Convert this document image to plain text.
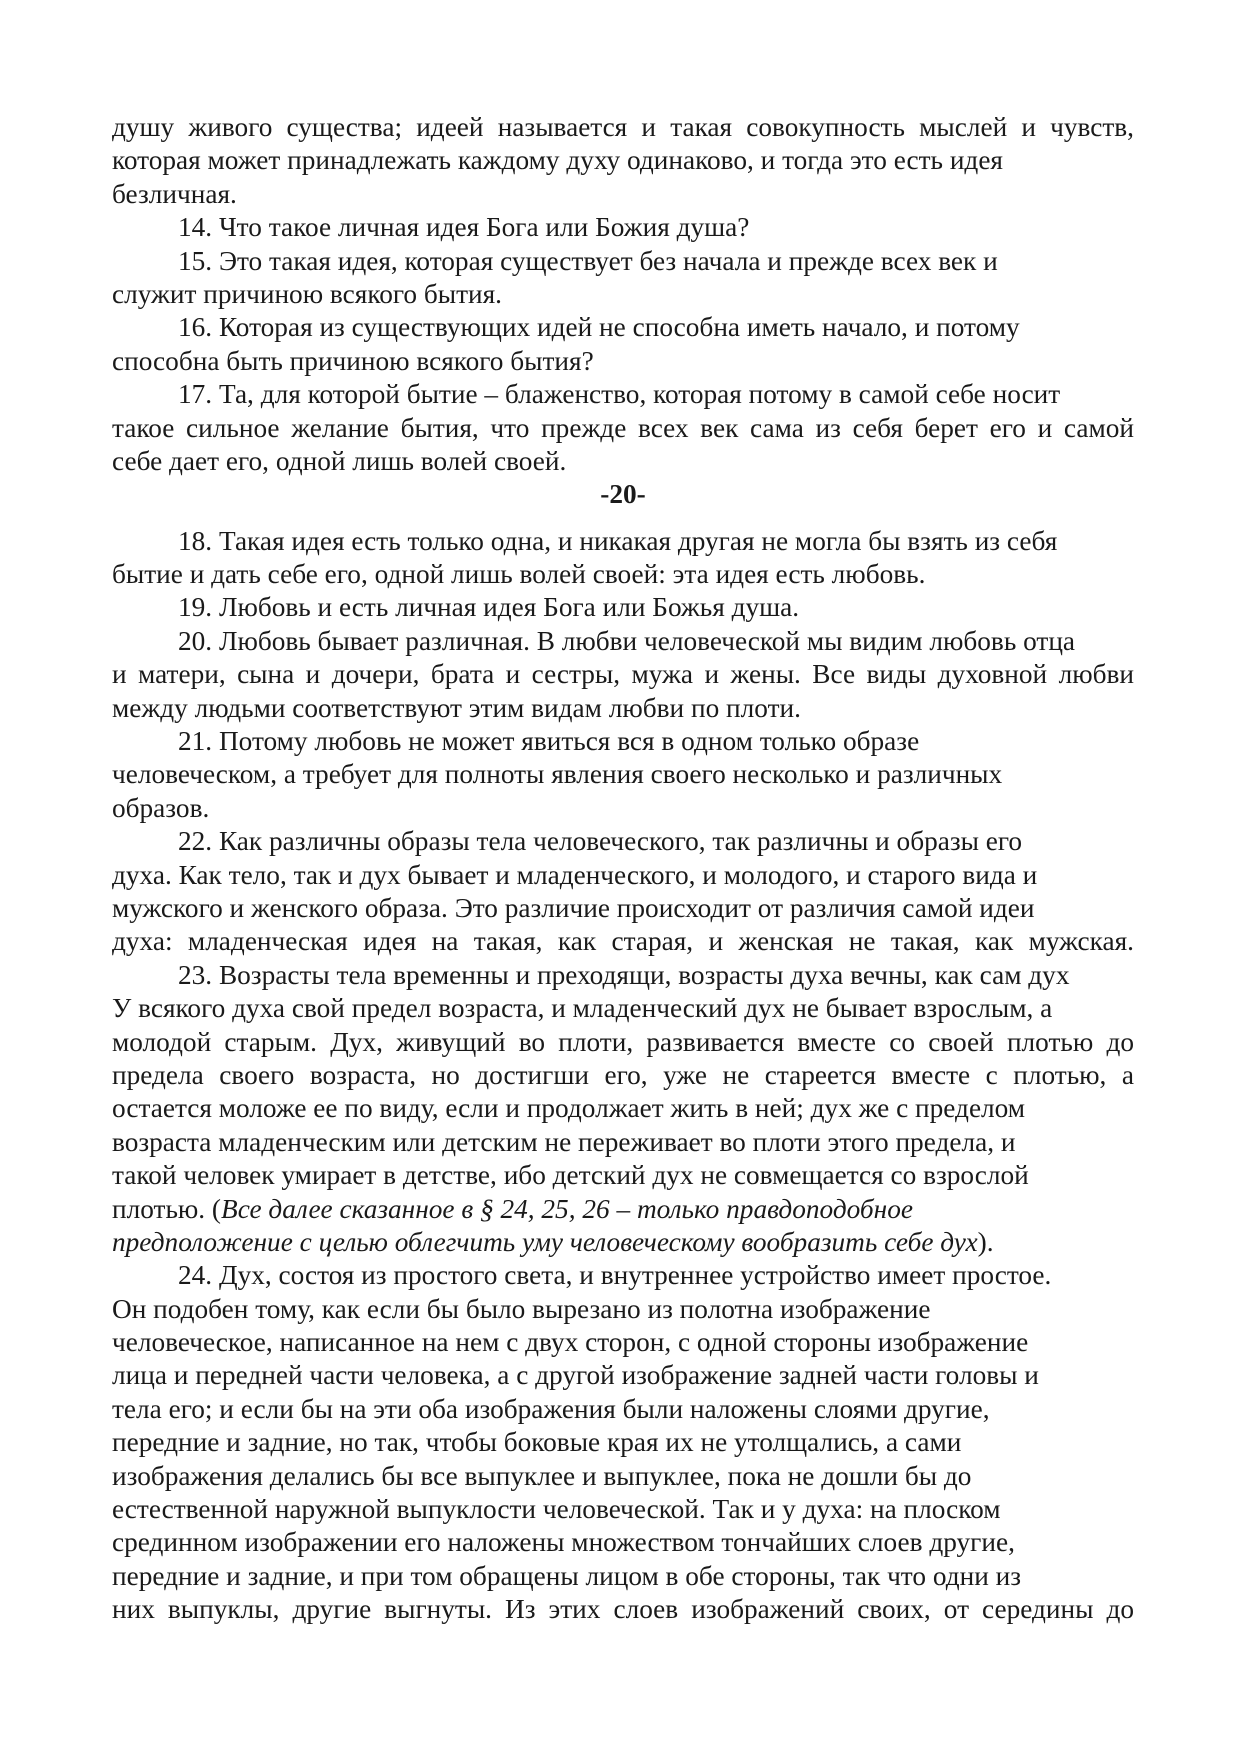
душу живого существа; идеей называется и такая совокупность мыслей и чувств,
которая может принадлежать каждому духу одинаково, и тогда это есть идея
безличная.
14. Что такое личная идея Бога или Божия душа?
15. Это такая идея, которая существует без начала и прежде всех век и
служит причиною всякого бытия.
16. Которая из существующих идей не способна иметь начало, и потому
способна быть причиною всякого бытия?
17. Та, для которой бытие – блаженство, которая потому в самой себе носит
такое сильное желание бытия, что прежде всех век сама из себя берет его и самой
себе дает его, одной лишь волей своей.
-20-
18. Такая идея есть только одна, и никакая другая не могла бы взять из себя
бытие и дать себе его, одной лишь волей своей: эта идея есть любовь.
19. Любовь и есть личная идея Бога или Божья душа.
20. Любовь бывает различная. В любви человеческой мы видим любовь отца
и матери, сына и дочери, брата и сестры, мужа и жены. Все виды духовной любви
между людьми соответствуют этим видам любви по плоти.
21. Потому любовь не может явиться вся в одном только образе
человеческом, а требует для полноты явления своего несколько и различных
образов.
22. Как различны образы тела человеческого, так различны и образы его
духа. Как тело, так и дух бывает и младенческого, и молодого, и старого вида и
мужского и женского образа. Это различие происходит от различия самой идеи
духа: младенческая идея на такая, как старая, и женская не такая, как мужская.
23. Возрасты тела временны и преходящи, возрасты духа вечны, как сам дух
У всякого духа свой предел возраста, и младенческий дух не бывает взрослым, а
молодой старым. Дух, живущий во плоти, развивается вместе со своей плотью до
предела своего возраста, но достигши его, уже не стареется вместе с плотью, а
остается моложе ее по виду, если и продолжает жить в ней; дух же с пределом
возраста младенческим или детским не переживает во плоти этого предела, и
такой человек умирает в детстве, ибо детский дух не совмещается со взрослой
плотью. (Все далее сказанное в § 24, 25, 26 – только правдоподобное
предположение с целью облегчить уму человеческому вообразить себе дух).
24. Дух, состоя из простого света, и внутреннее устройство имеет простое.
Он подобен тому, как если бы было вырезано из полотна изображение
человеческое, написанное на нем с двух сторон, с одной стороны изображение
лица и передней части человека, а с другой изображение задней части головы и
тела его; и если бы на эти оба изображения были наложены слоями другие,
передние и задние, но так, чтобы боковые края их не утолщались, а сами
изображения делались бы все выпуклее и выпуклее, пока не дошли бы до
естественной наружной выпуклости человеческой. Так и у духа: на плоском
срединном изображении его наложены множеством тончайших слоев другие,
передние и задние, и при том обращены лицом в обе стороны, так что одни из
них выпуклы, другие выгнуты. Из этих слоев изображений своих, от середины до
